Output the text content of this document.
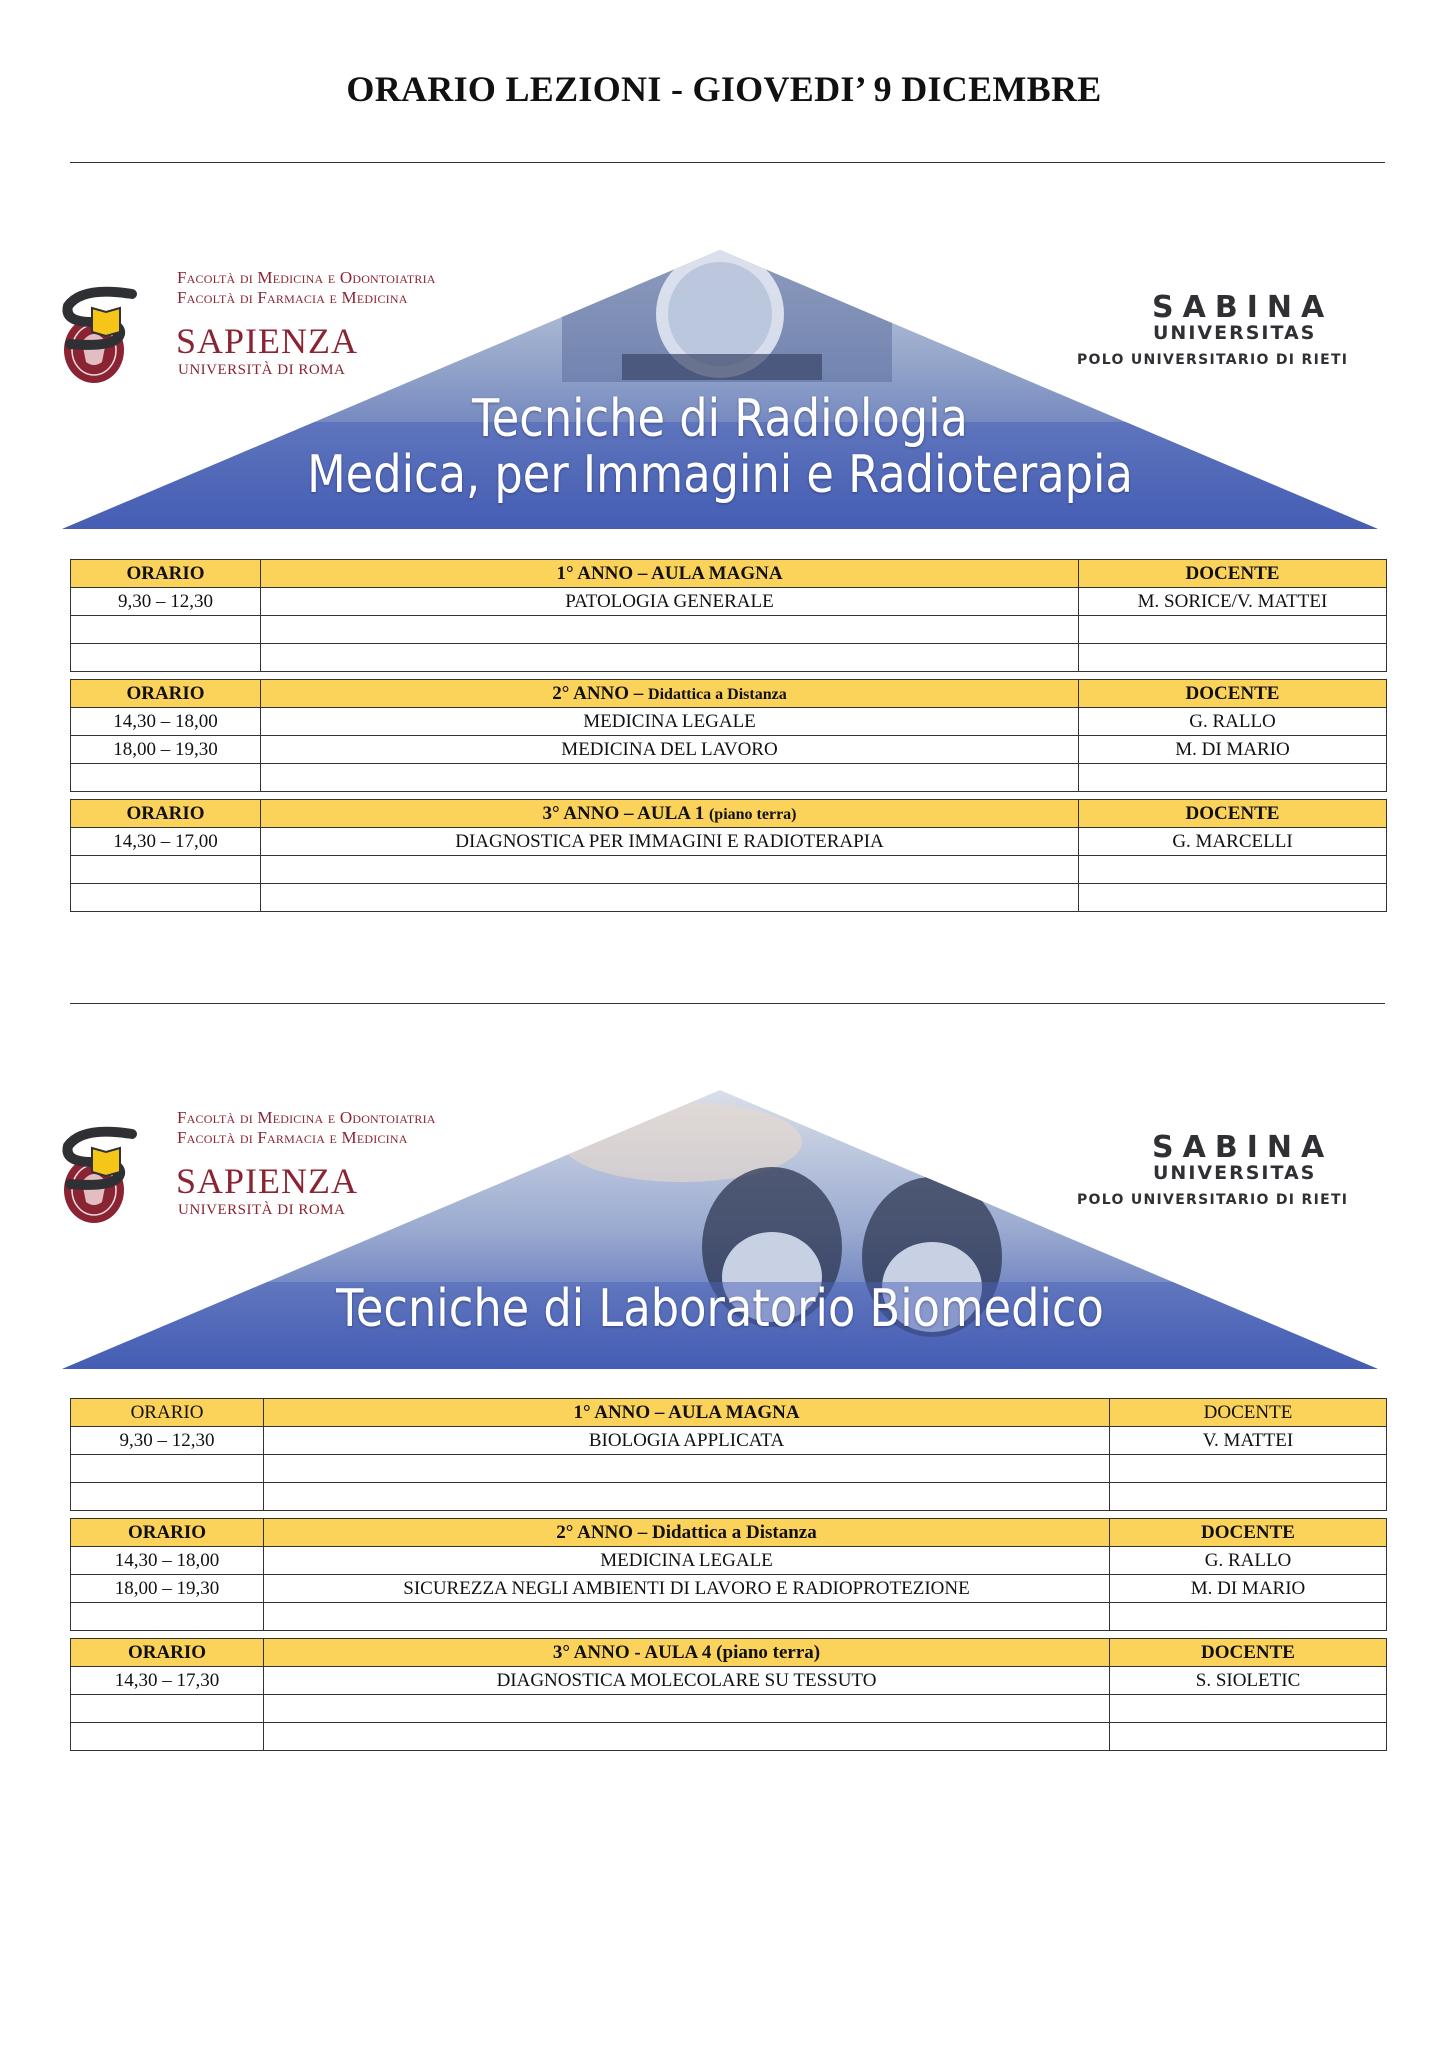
ORARIO LEZIONI - GIOVEDI’ 9 DICEMBRE
Facoltà di Medicina e Odontoiatria
Facoltà di Farmacia e Medicina
SAPIENZA
UNIVERSITÀ DI ROMA
SABINA
UNIVERSITAS
POLO UNIVERSITARIO DI RIETI
Tecniche di Radiologia
Medica, per Immagini e Radioterapia
ORARIO	1° ANNO – AULA MAGNA	DOCENTE
9,30 – 12,30	PATOLOGIA GENERALE	M. SORICE/V. MATTEI

ORARIO	2° ANNO – Didattica a Distanza	DOCENTE
14,30 – 18,00	MEDICINA LEGALE	G. RALLO
18,00 – 19,30	MEDICINA DEL LAVORO	M. DI MARIO

ORARIO	3° ANNO – AULA 1 (piano terra)	DOCENTE
14,30 – 17,00	DIAGNOSTICA PER IMMAGINI E RADIOTERAPIA	G. MARCELLI

Facoltà di Medicina e Odontoiatria
Facoltà di Farmacia e Medicina
SAPIENZA
UNIVERSITÀ DI ROMA
SABINA
UNIVERSITAS
POLO UNIVERSITARIO DI RIETI
Tecniche di Laboratorio Biomedico
ORARIO	1° ANNO – AULA MAGNA	DOCENTE
9,30 – 12,30	BIOLOGIA APPLICATA	V. MATTEI

ORARIO	2° ANNO – Didattica a Distanza	DOCENTE
14,30 – 18,00	MEDICINA LEGALE	G. RALLO
18,00 – 19,30	SICUREZZA NEGLI AMBIENTI DI LAVORO E RADIOPROTEZIONE	M. DI MARIO

ORARIO	3° ANNO - AULA 4 (piano terra)	DOCENTE
14,30 – 17,30	DIAGNOSTICA MOLECOLARE SU TESSUTO	S. SIOLETIC
